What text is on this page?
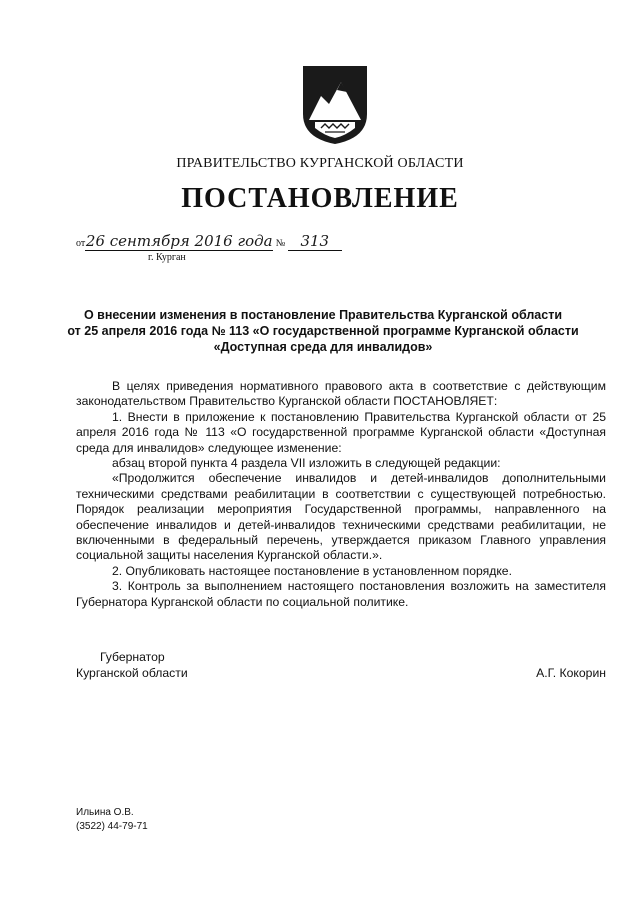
ПРАВИТЕЛЬСТВО КУРГАНСКОЙ ОБЛАСТИ
ПОСТАНОВЛЕНИЕ
от26 сентября 2016 года № 313
г. Курган
О внесении изменения в постановление Правительства Курганской области
от 25 апреля 2016 года № 113 «О государственной программе Курганской области
«Доступная среда для инвалидов»
В целях приведения нормативного правового акта в соответствие с действующим законодательством Правительство Курганской области ПОСТАНОВЛЯЕТ:
1. Внести в приложение к постановлению Правительства Курганской области от 25 апреля 2016 года № 113 «О государственной программе Курганской области «Доступная среда для инвалидов» следующее изменение:
абзац второй пункта 4 раздела VII изложить в следующей редакции:
«Продолжится обеспечение инвалидов и детей-инвалидов дополнительными техническими средствами реабилитации в соответствии с существующей потребностью. Порядок реализации мероприятия Государственной программы, направленного на обеспечение инвалидов и детей-инвалидов техническими средствами реабилитации, не включенными в федеральный перечень, утверждается приказом Главного управления социальной защиты населения Курганской области.».
2. Опубликовать настоящее постановление в установленном порядке.
3. Контроль за выполнением настоящего постановления возложить на заместителя Губернатора Курганской области по социальной политике.
Губернатор
Курганской области	А.Г. Кокорин
Ильина О.В.
(3522) 44-79-71
